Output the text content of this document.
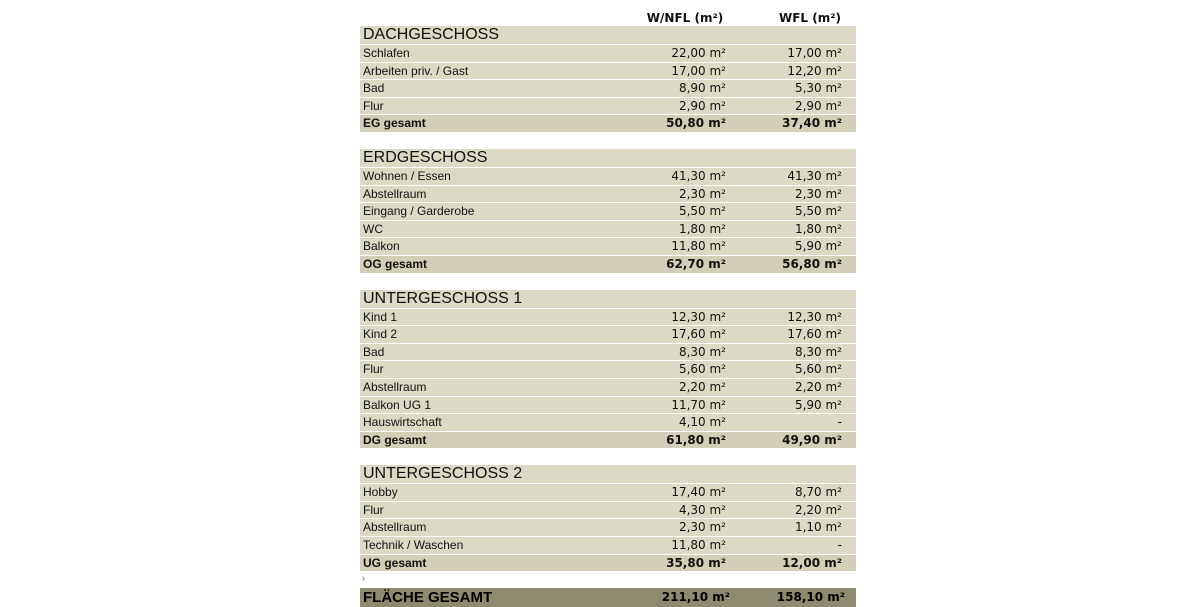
W/NFL (m²)	WFL (m²)
DACHGESCHOSS
Schlafen	22,00 m²	17,00 m²
Arbeiten priv. / Gast	17,00 m²	12,20 m²
Bad	8,90 m²	5,30 m²
Flur	2,90 m²	2,90 m²
EG gesamt	50,80 m²	37,40 m²
ERDGESCHOSS
Wohnen / Essen	41,30 m²	41,30 m²
Abstellraum	2,30 m²	2,30 m²
Eingang / Garderobe	5,50 m²	5,50 m²
WC	1,80 m²	1,80 m²
Balkon	11,80 m²	5,90 m²
OG gesamt	62,70 m²	56,80 m²
UNTERGESCHOSS 1
Kind 1	12,30 m²	12,30 m²
Kind 2	17,60 m²	17,60 m²
Bad	8,30 m²	8,30 m²
Flur	5,60 m²	5,60 m²
Abstellraum	2,20 m²	2,20 m²
Balkon UG 1	11,70 m²	5,90 m²
Hauswirtschaft	4,10 m²	-
DG gesamt	61,80 m²	49,90 m²
UNTERGESCHOSS 2
Hobby	17,40 m²	8,70 m²
Flur	4,30 m²	2,20 m²
Abstellraum	2,30 m²	1,10 m²
Technik / Waschen	11,80 m²	-
UG gesamt	35,80 m²	12,00 m²
›
FLÄCHE GESAMT	211,10 m²	158,10 m²
